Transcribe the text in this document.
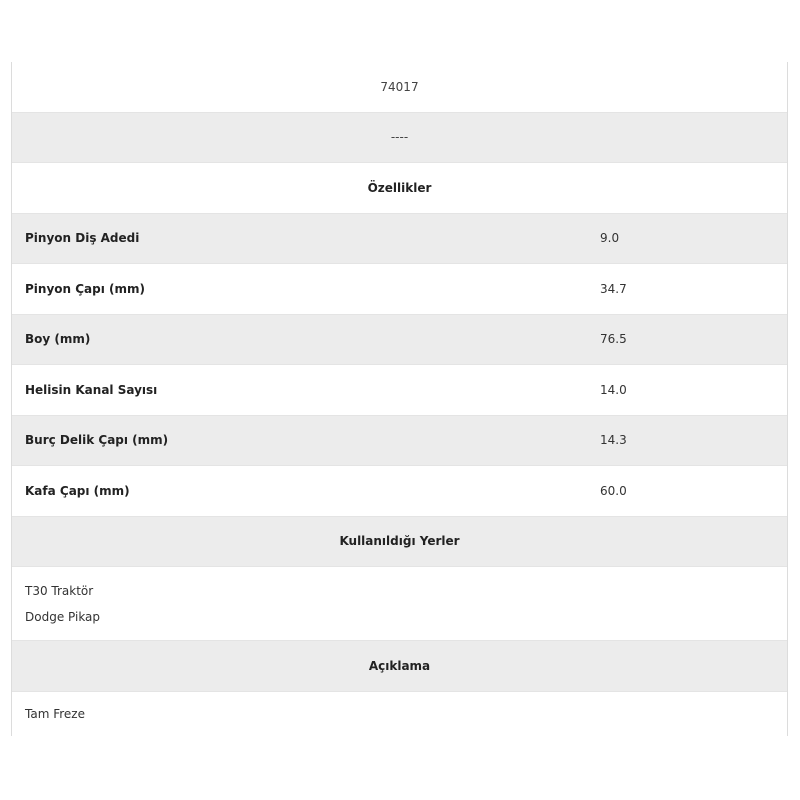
74017
----
Özellikler
Pinyon Diş Adedi	9.0
Pinyon Çapı (mm)	34.7
Boy (mm)	76.5
Helisin Kanal Sayısı	14.0
Burç Delik Çapı (mm)	14.3
Kafa Çapı (mm)	60.0
Kullanıldığı Yerler
T30 Traktör
Dodge Pikap
Açıklama
Tam Freze
